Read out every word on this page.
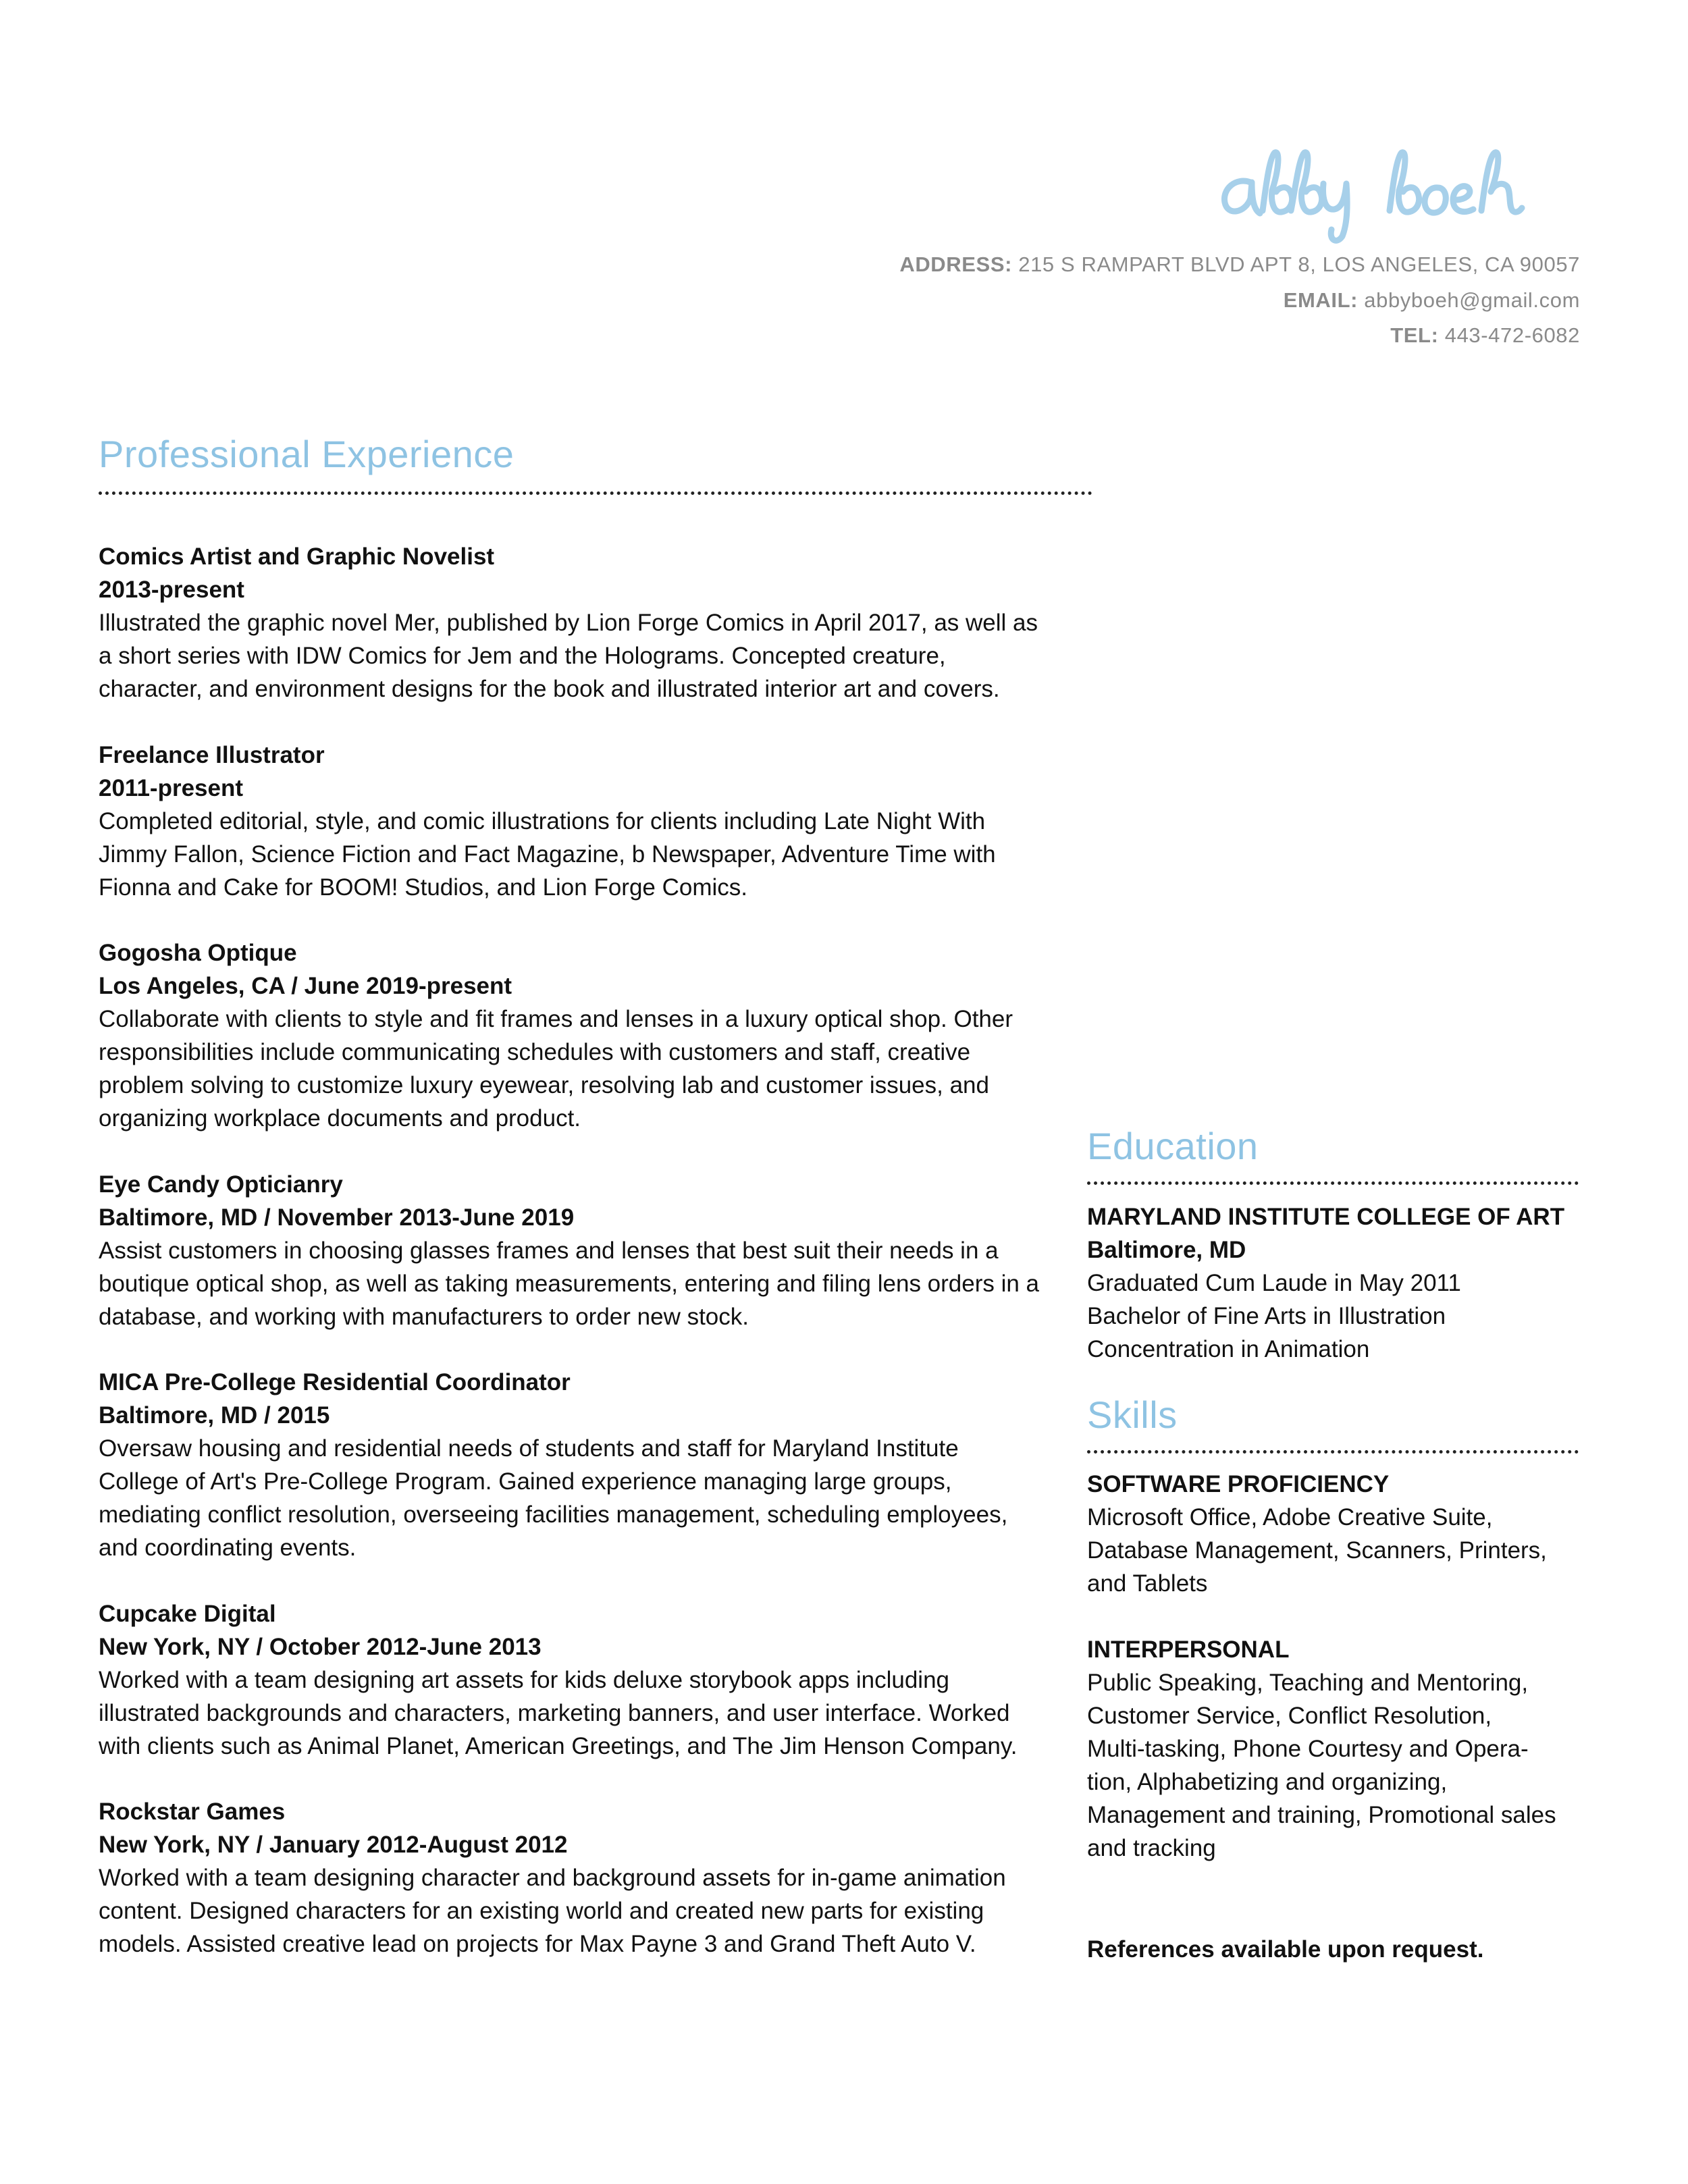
ADDRESS: 215 S RAMPART BLVD APT 8, LOS ANGELES, CA 90057
EMAIL: abbyboeh@gmail.com
TEL: 443-472-6082
Professional Experience
Comics Artist and Graphic Novelist
2013-present
Illustrated the graphic novel Mer, published by Lion Forge Comics in April 2017, as well as
a short series with IDW Comics for Jem and the Holograms. Concepted creature,
character, and environment designs for the book and illustrated interior art and covers.
Freelance Illustrator
2011-present
Completed editorial, style, and comic illustrations for clients including Late Night With
Jimmy Fallon, Science Fiction and Fact Magazine, b Newspaper, Adventure Time with
Fionna and Cake for BOOM! Studios, and Lion Forge Comics.
Gogosha Optique
Los Angeles, CA / June 2019-present
Collaborate with clients to style and fit frames and lenses in a luxury optical shop. Other
responsibilities include communicating schedules with customers and staff, creative
problem solving to customize luxury eyewear, resolving lab and customer issues, and
organizing workplace documents and product.
Eye Candy Opticianry
Baltimore, MD / November 2013-June 2019
Assist customers in choosing glasses frames and lenses that best suit their needs in a
boutique optical shop, as well as taking measurements, entering and filing lens orders in a
database, and working with manufacturers to order new stock.
MICA Pre-College Residential Coordinator
Baltimore, MD / 2015
Oversaw housing and residential needs of students and staff for Maryland Institute
College of Art's Pre-College Program. Gained experience managing large groups,
mediating conflict resolution, overseeing facilities management, scheduling employees,
and coordinating events.
Cupcake Digital
New York, NY / October 2012-June 2013
Worked with a team designing art assets for kids deluxe storybook apps including
illustrated backgrounds and characters, marketing banners, and user interface. Worked
with clients such as Animal Planet, American Greetings, and The Jim Henson Company.
Rockstar Games
New York, NY / January 2012-August 2012
Worked with a team designing character and background assets for in-game animation
content. Designed characters for an existing world and created new parts for existing
models. Assisted creative lead on projects for Max Payne 3 and Grand Theft Auto V.
Education
MARYLAND INSTITUTE COLLEGE OF ART
Baltimore, MD
Graduated Cum Laude in May 2011
Bachelor of Fine Arts in Illustration
Concentration in Animation
Skills
SOFTWARE PROFICIENCY
Microsoft Office, Adobe Creative Suite,
Database Management, Scanners, Printers,
and Tablets
INTERPERSONAL
Public Speaking, Teaching and Mentoring,
Customer Service, Conflict Resolution,
Multi-tasking, Phone Courtesy and Opera-
tion, Alphabetizing and organizing,
Management and training, Promotional sales
and tracking
References available upon request.
